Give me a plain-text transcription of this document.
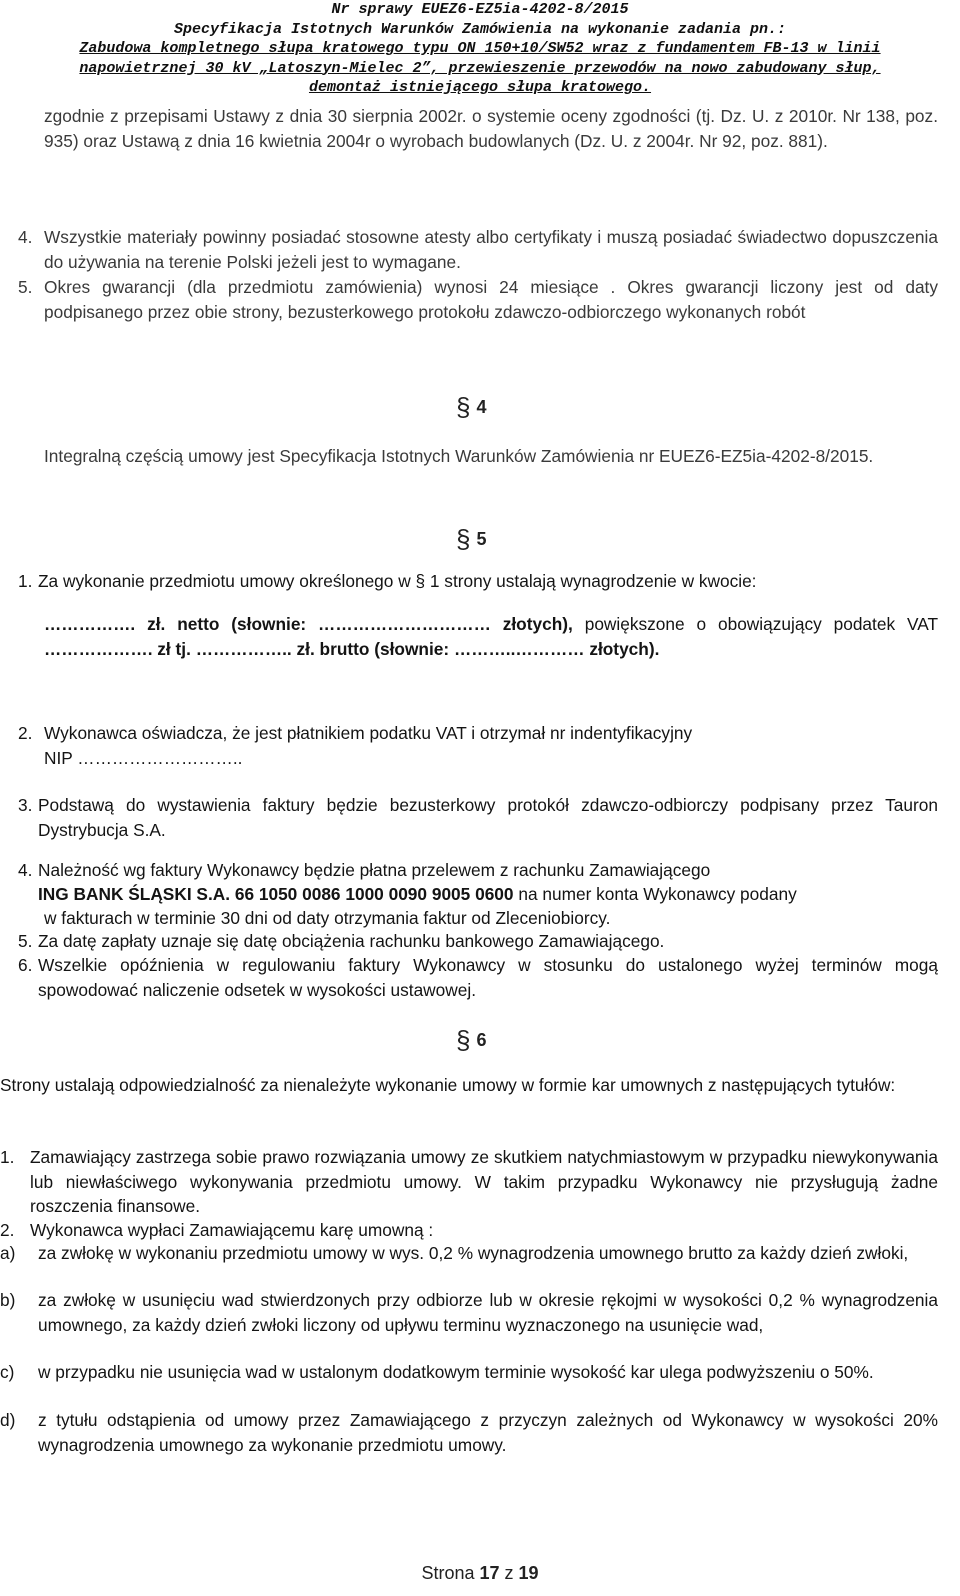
Nr sprawy EUEZ6-EZ5ia-4202-8/2015
Specyfikacja Istotnych Warunków Zamówienia na wykonanie zadania pn.:
Zabudowa kompletnego słupa kratowego typu ON 150+10/SW52 wraz z fundamentem FB-13 w linii
napowietrznej 30 kV „Latoszyn-Mielec 2”, przewieszenie przewodów na nowo zabudowany słup,
demontaż istniejącego słupa kratowego.
zgodnie z przepisami Ustawy z dnia 30 sierpnia 2002r. o systemie oceny zgodności (tj. Dz. U. z 2010r. Nr 138, poz. 935) oraz Ustawą z dnia 16 kwietnia 2004r o wyrobach budowlanych (Dz. U. z 2004r. Nr 92, poz. 881).
4. Wszystkie materiały powinny posiadać stosowne atesty albo certyfikaty i muszą posiadać świadectwo dopuszczenia do używania na terenie Polski jeżeli jest to wymagane.
5. Okres gwarancji (dla przedmiotu zamówienia) wynosi 24 miesiące . Okres gwarancji liczony jest od daty podpisanego przez obie strony, bezusterkowego protokołu zdawczo-odbiorczego wykonanych robót
§ 4
Integralną częścią umowy jest Specyfikacja Istotnych Warunków Zamówienia nr EUEZ6-EZ5ia-4202-8/2015.
§ 5
1. Za wykonanie przedmiotu umowy określonego w § 1 strony ustalają wynagrodzenie w kwocie:
……………. zł. netto (słownie: ………………………… złotych), powiększone o obowiązujący podatek VAT ………………. zł tj. …………….. zł. brutto (słownie: ………..………… złotych).
2. Wykonawca oświadcza, że jest płatnikiem podatku VAT i otrzymał nr indentyfikacyjny
NIP ………………………..
3. Podstawą do wystawienia faktury będzie bezusterkowy protokół zdawczo-odbiorczy podpisany przez Tauron Dystrybucja S.A.
4. Należność wg faktury Wykonawcy będzie płatna przelewem z rachunku Zamawiającego
ING BANK ŚLĄSKI S.A. 66 1050 0086 1000 0090 9005 0600 na numer konta Wykonawcy podany
w fakturach w terminie 30 dni od daty otrzymania faktur od Zleceniobiorcy.
5. Za datę zapłaty uznaje się datę obciążenia rachunku bankowego Zamawiającego.
6. Wszelkie opóźnienia w regulowaniu faktury Wykonawcy w stosunku do ustalonego wyżej terminów mogą spowodować naliczenie odsetek w wysokości ustawowej.
§ 6
Strony ustalają odpowiedzialność za nienależyte wykonanie umowy w formie kar umownych z następujących tytułów:
1. Zamawiający zastrzega sobie prawo rozwiązania umowy ze skutkiem natychmiastowym w przypadku niewykonywania lub niewłaściwego wykonywania przedmiotu umowy. W takim przypadku Wykonawcy nie przysługują żadne roszczenia finansowe.
2. Wykonawca wypłaci Zamawiającemu karę umowną :
a) za zwłokę w wykonaniu przedmiotu umowy w wys. 0,2 % wynagrodzenia umownego brutto za każdy dzień zwłoki,
b) za zwłokę w usunięciu wad stwierdzonych przy odbiorze lub w okresie rękojmi w wysokości 0,2 % wynagrodzenia umownego, za każdy dzień zwłoki liczony od upływu terminu wyznaczonego na usunięcie wad,
c) w przypadku nie usunięcia wad w ustalonym dodatkowym terminie wysokość kar ulega podwyższeniu o 50%.
d) z tytułu odstąpienia od umowy przez Zamawiającego z przyczyn zależnych od Wykonawcy w wysokości 20% wynagrodzenia umownego za wykonanie przedmiotu umowy.
Strona 17 z 19
